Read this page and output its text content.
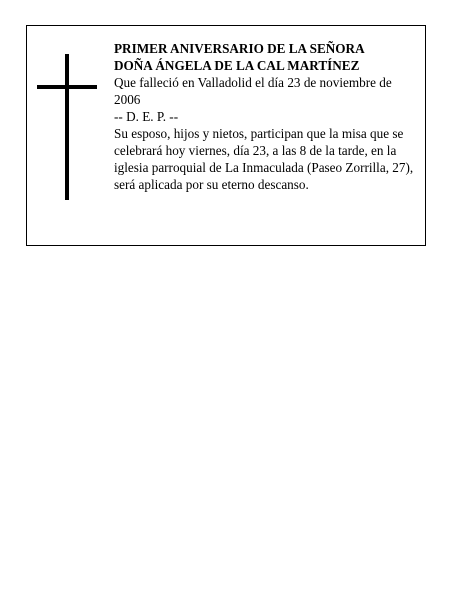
PRIMER ANIVERSARIO DE LA SEÑORA

DOÑA ÁNGELA DE LA CAL MARTÍNEZ

Que falleció en Valladolid el día 23 de noviembre de 2006

-- D. E. P. --

Su esposo, hijos y nietos, participan que la misa que se celebrará hoy viernes, día 23, a las 8 de la tarde, en la iglesia parroquial de La Inmaculada (Paseo Zorrilla, 27), será aplicada por su eterno descanso.
